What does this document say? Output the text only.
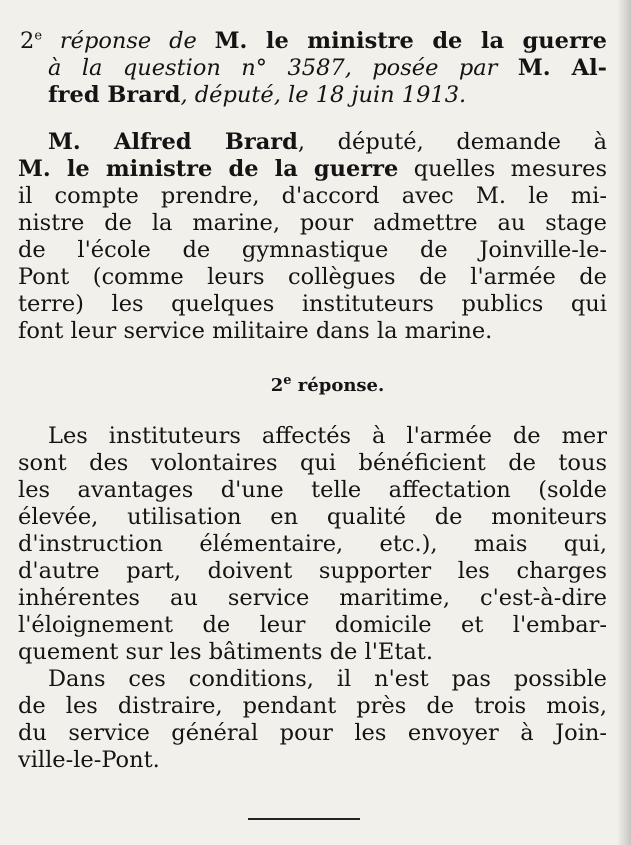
2e réponse de M. le ministre de la guerre
à la question n° 3587, posée par M. Al-
fred Brard, député, le 18 juin 1913.
M. Alfred Brard, député, demande à
M. le ministre de la guerre quelles mesures
il compte prendre, d'accord avec M. le mi-
nistre de la marine, pour admettre au stage
de l'école de gymnastique de Joinville-le-
Pont (comme leurs collègues de l'armée de
terre) les quelques instituteurs publics qui
font leur service militaire dans la marine.
2e réponse.
Les instituteurs affectés à l'armée de mer
sont des volontaires qui bénéficient de tous
les avantages d'une telle affectation (solde
élevée, utilisation en qualité de moniteurs
d'instruction élémentaire, etc.), mais qui,
d'autre part, doivent supporter les charges
inhérentes au service maritime, c'est-à-dire
l'éloignement de leur domicile et l'embar-
quement sur les bâtiments de l'Etat.
Dans ces conditions, il n'est pas possible
de les distraire, pendant près de trois mois,
du service général pour les envoyer à Join-
ville-le-Pont.
